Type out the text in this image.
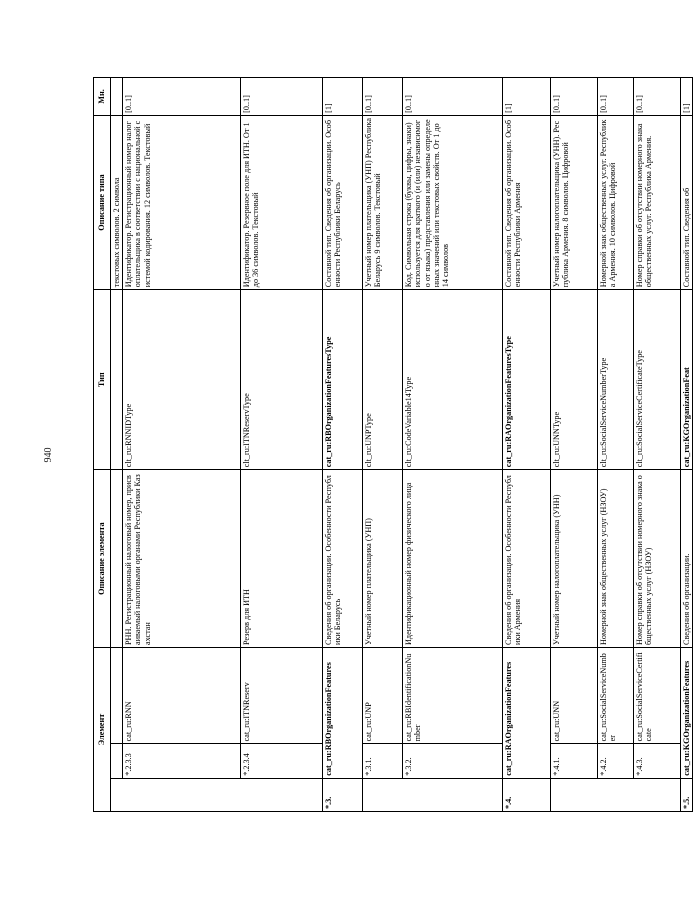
940
Элемент			Описание элемента	Тип	Описание типа	Мн.
					текстовых символов. 2 символа	
	*.2.3.3	cat_ru:RNN	РНН. Регистрационный налоговый номер, присваиваемый налоговыми органами Республики Казахстан	clt_ru:RNNIDType	Идентификатор. Регистрационный номер налогоплательщика в соответствии с национальной системой кодирования. 12 символов. Текстовый	[0..1]
	*.2.3.4	cat_ru:ITNReserv	Резерв для ИТН	clt_ru:ITNReservType	Идентификатор. Резервное поле для ИТН. От 1 до 36 символов. Текстовый	[0..1]
*.3.	cat_ru:RBOrganizationFeatures		Сведения об организации. Особенности Республики Беларусь	cat_ru:RBOrganizationFeaturesType	Составной тип. Сведения об организации. Особенности Республики Беларусь	[1]
	*.3.1.	cat_ru:UNP	Учетный номер плательщика (УНП)	clt_ru:UNPType	Учетный номер плательщика (УНП) Республика Беларусь 9 символов. Текстовый	[0..1]
	*.3.2.	cat_ru:RBIdentificationNumber	Идентификационный номер физического лица	clt_ru:CodeVariable14Type	Код. Символьная строка (буквы, цифры, знаки) используется для краткого (и (или) независимого от языка) представления или замены определенных значений или текстовых свойств. От 1 до 14 символов	[0..1]
*.4.	cat_ru:RAOrganizationFeatures		Сведения об организации. Особенности Республики Армения	cat_ru:RAOrganizationFeaturesType	Составной тип. Сведения об организации. Особенности Республики Армения	[1]
	*.4.1.	cat_ru:UNN	Учетный номер налогоплательщика (УНН)	clt_ru:UNNType	Учетный номер налогоплательщика (УНН). Республика Армения. 8 символов. Цифровой	[0..1]
	*.4.2.	cat_ru:SocialServiceNumber	Номерной знак общественных услуг (НЗОУ)	clt_ru:SocialServiceNumberType	Номерной знак общественных услуг. Республика Армения. 10 символов. Цифровой	[0..1]
	*.4.3.	cat_ru:SocialServiceCertificate	Номер справки об отсутствии номерного знака общественных услуг (НЗОУ)	clt_ru:SocialServiceCertificateType	Номер справки об отсутствии номерного знака общественных услуг. Республика Армения.	[0..1]
*.5.	cat_ru:KGOrganizationFeatures		Сведения об организации.	cat_ru:KGOrganizationFeat	Составной тип. Сведения об	[1]
